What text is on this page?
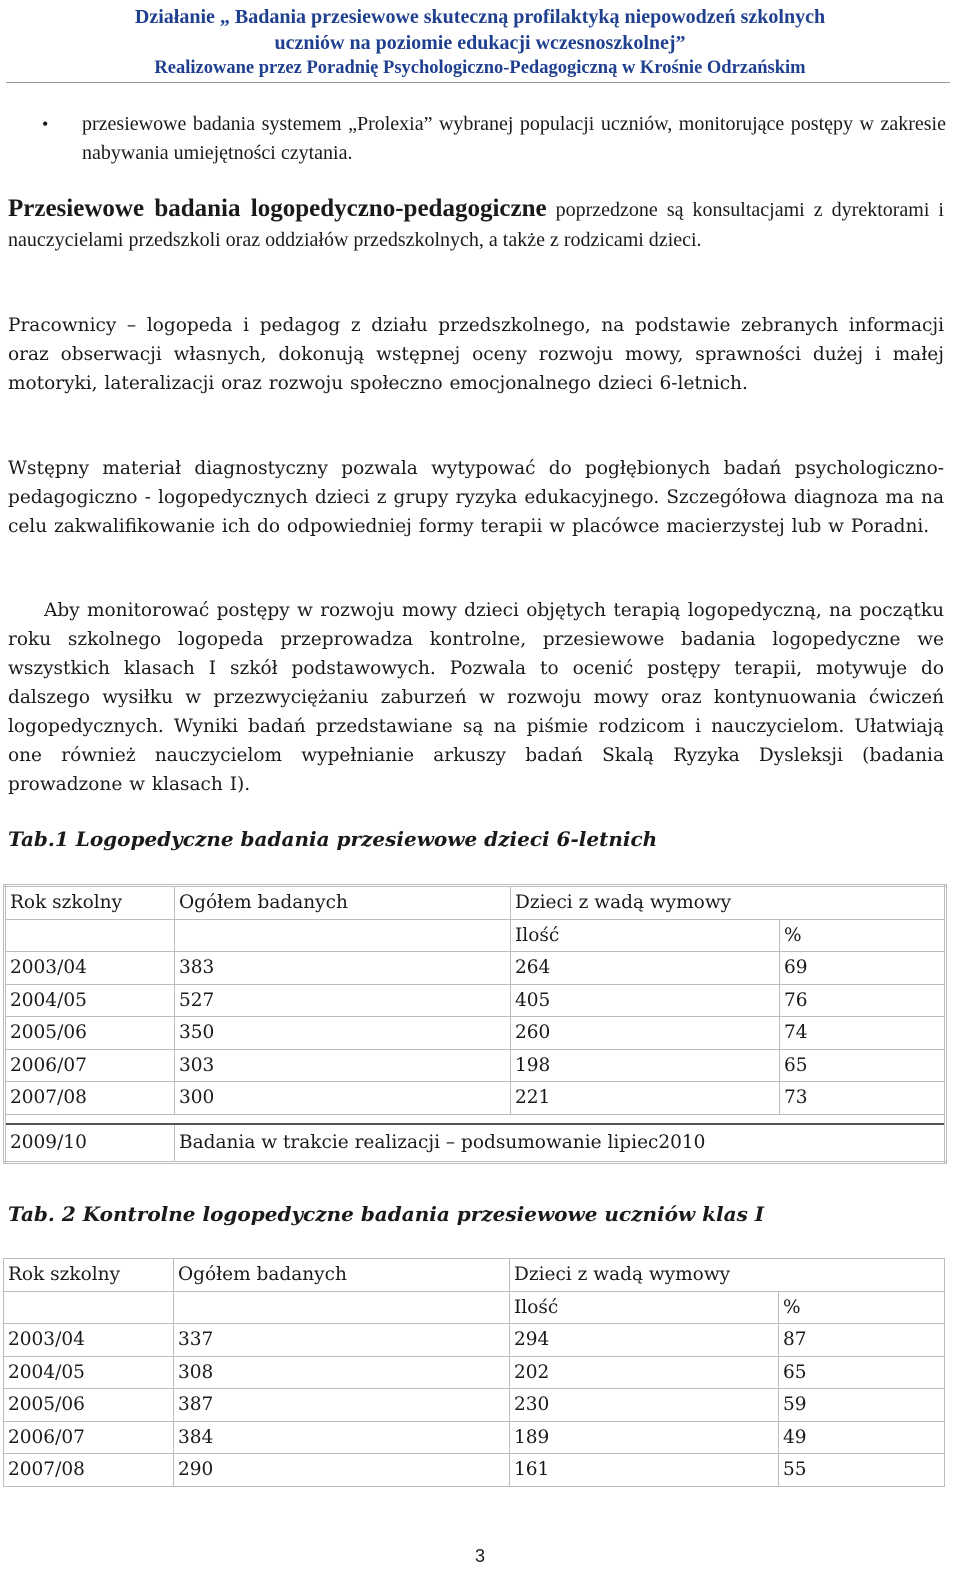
Działanie „ Badania przesiewowe skuteczną profilaktyką niepowodzeń szkolnych
uczniów na poziomie edukacji wczesnoszkolnej”
Realizowane przez Poradnię Psychologiczno-Pedagogiczną w Krośnie Odrzańskim
• przesiewowe badania systemem „Prolexia” wybranej populacji uczniów, monitorujące postępy w zakresie nabywania umiejętności czytania.
Przesiewowe badania logopedyczno-pedagogiczne poprzedzone są konsultacjami z dyrektorami i nauczycielami przedszkoli oraz oddziałów przedszkolnych, a także z rodzicami dzieci.

Pracownicy – logopeda i pedagog z działu przedszkolnego, na podstawie zebranych informacji oraz obserwacji własnych, dokonują wstępnej oceny rozwoju mowy, sprawności dużej i małej motoryki, lateralizacji oraz rozwoju społeczno emocjonalnego dzieci 6-letnich.

Wstępny materiał diagnostyczny pozwala wytypować do pogłębionych badań psychologiczno- pedagogiczno - logopedycznych dzieci z grupy ryzyka edukacyjnego. Szczegółowa diagnoza ma na celu zakwalifikowanie ich do odpowiedniej formy terapii w placówce macierzystej lub w Poradni.

Aby monitorować postępy w rozwoju mowy dzieci objętych terapią logopedyczną, na początku roku szkolnego logopeda przeprowadza kontrolne, przesiewowe badania logopedyczne we wszystkich klasach I szkół podstawowych. Pozwala to ocenić postępy terapii, motywuje do dalszego wysiłku w przezwyciężaniu zaburzeń w rozwoju mowy oraz kontynuowania ćwiczeń logopedycznych. Wyniki badań przedstawiane są na piśmie rodzicom i nauczycielom. Ułatwiają one również nauczycielom wypełnianie arkuszy badań Skalą Ryzyka Dysleksji (badania prowadzone w klasach I).

Tab.1 Logopedyczne badania przesiewowe dzieci 6-letnich
Rok szkolny	Ogółem badanych	Dzieci z wadą wymowy	
		Ilość	%
2003/04	383	264	69
2004/05	527	405	76
2005/06	350	260	74
2006/07	303	198	65
2007/08	300	221	73

2009/10	Badania w trakcie realizacji – podsumowanie lipiec2010		
Tab. 2 Kontrolne logopedyczne badania przesiewowe uczniów klas I
Rok szkolny	Ogółem badanych	Dzieci z wadą wymowy	
		Ilość	%
2003/04	337	294	87
2004/05	308	202	65
2005/06	387	230	59
2006/07	384	189	49
2007/08	290	161	55
3
